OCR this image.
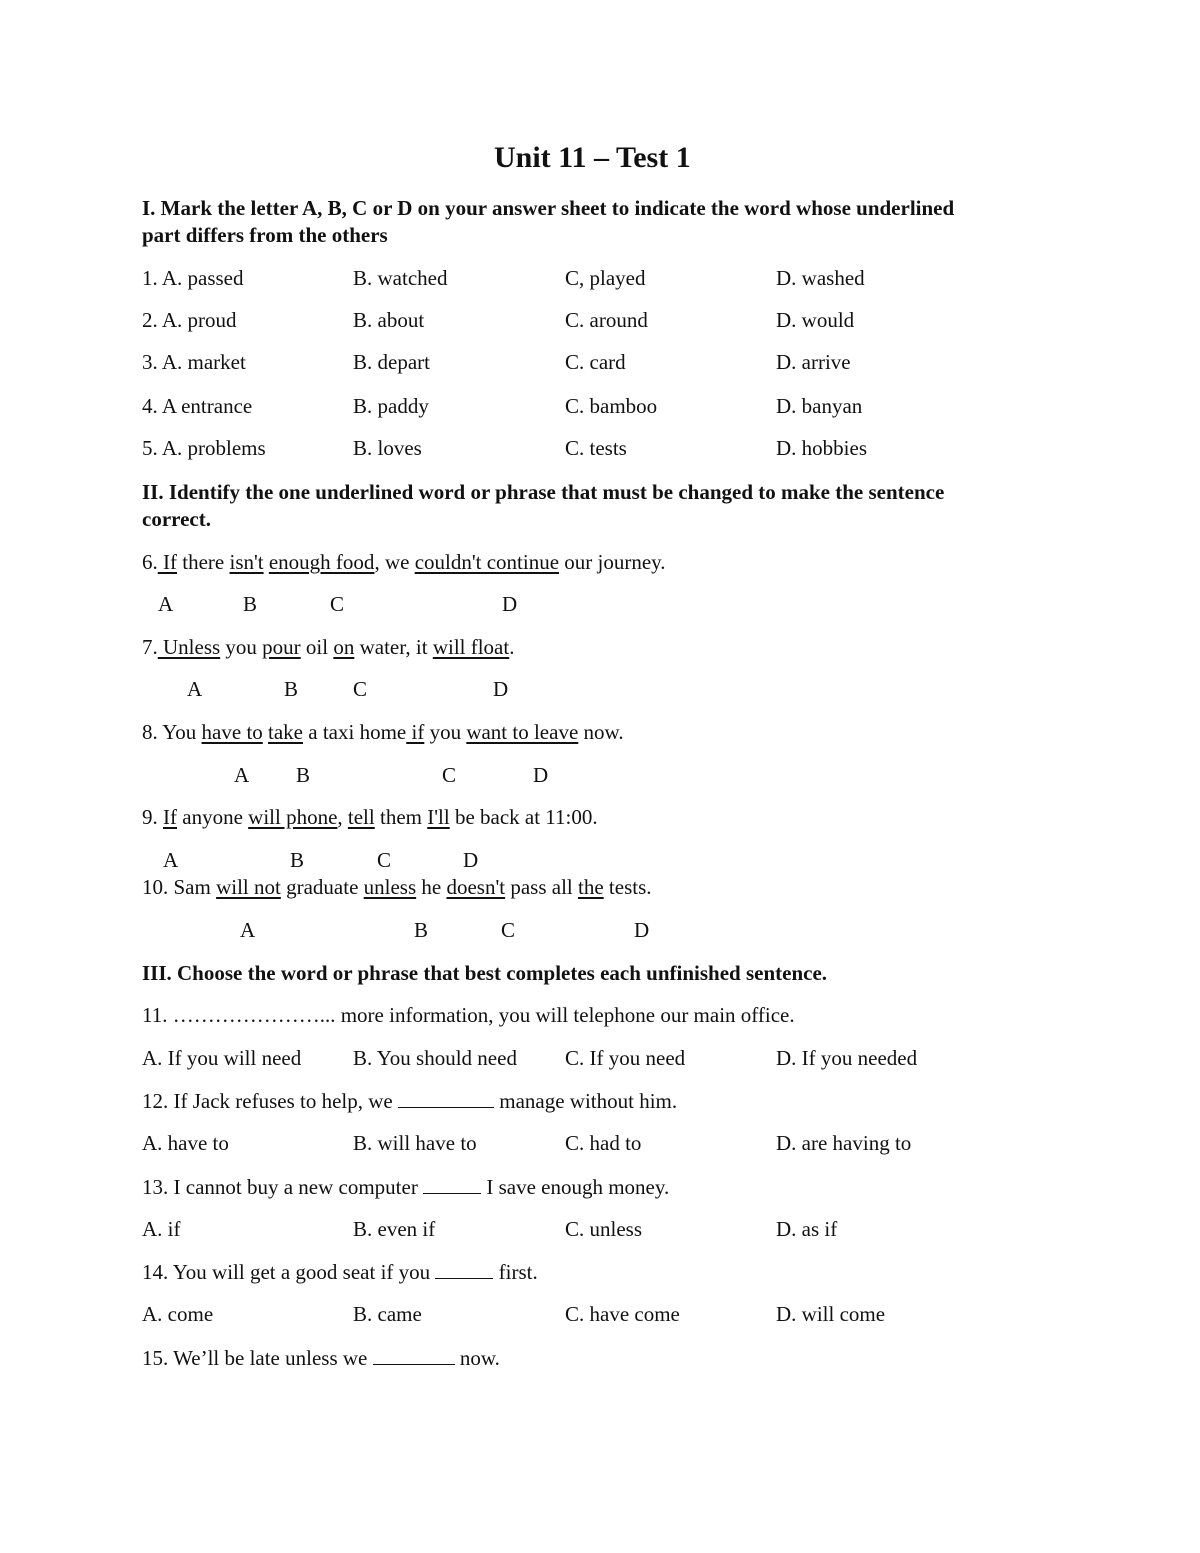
Unit 11 – Test 1
I. Mark the letter A, B, C or D on your answer sheet to indicate the word whose underlined
part differs from the others
1. A. passed	B. watched	C, played	D. washed
2. A. proud	B. about	C. around	D. would
3. A. market	B. depart	C. card	D. arrive
4. A entrance	B. paddy	C. bamboo	D. banyan
5. A. problems	B. loves	C. tests	D. hobbies
II. Identify the one underlined word or phrase that must be changed to make the sentence
correct.
6. If there isn't enough food, we couldn't continue our journey.
A	B	C	D
7. Unless you pour oil on water, it will float.
A	B	C	D
8. You have to take a taxi home if you want to leave now.
A B	C	D
9. If anyone will phone, tell them I'll be back at 11:00.
A	B	C	D
10. Sam will not graduate unless he doesn't pass all the tests.
A	B	C	D
III. Choose the word or phrase that best completes each unfinished sentence.
11. …………………... more information, you will telephone our main office.
A. If you will need B. You should need C. If you need	D. If you needed
12. If Jack refuses to help, we	manage without him.
A. have to	B. will have to	C. had to	D. are having to
13. I cannot buy a new computer	I save enough money.
A. if	B. even if	C. unless	D. as if
14. You will get a good seat if you	first.
A. come	B. came	C. have come	D. will come
15. We’ll be late unless we	now.
